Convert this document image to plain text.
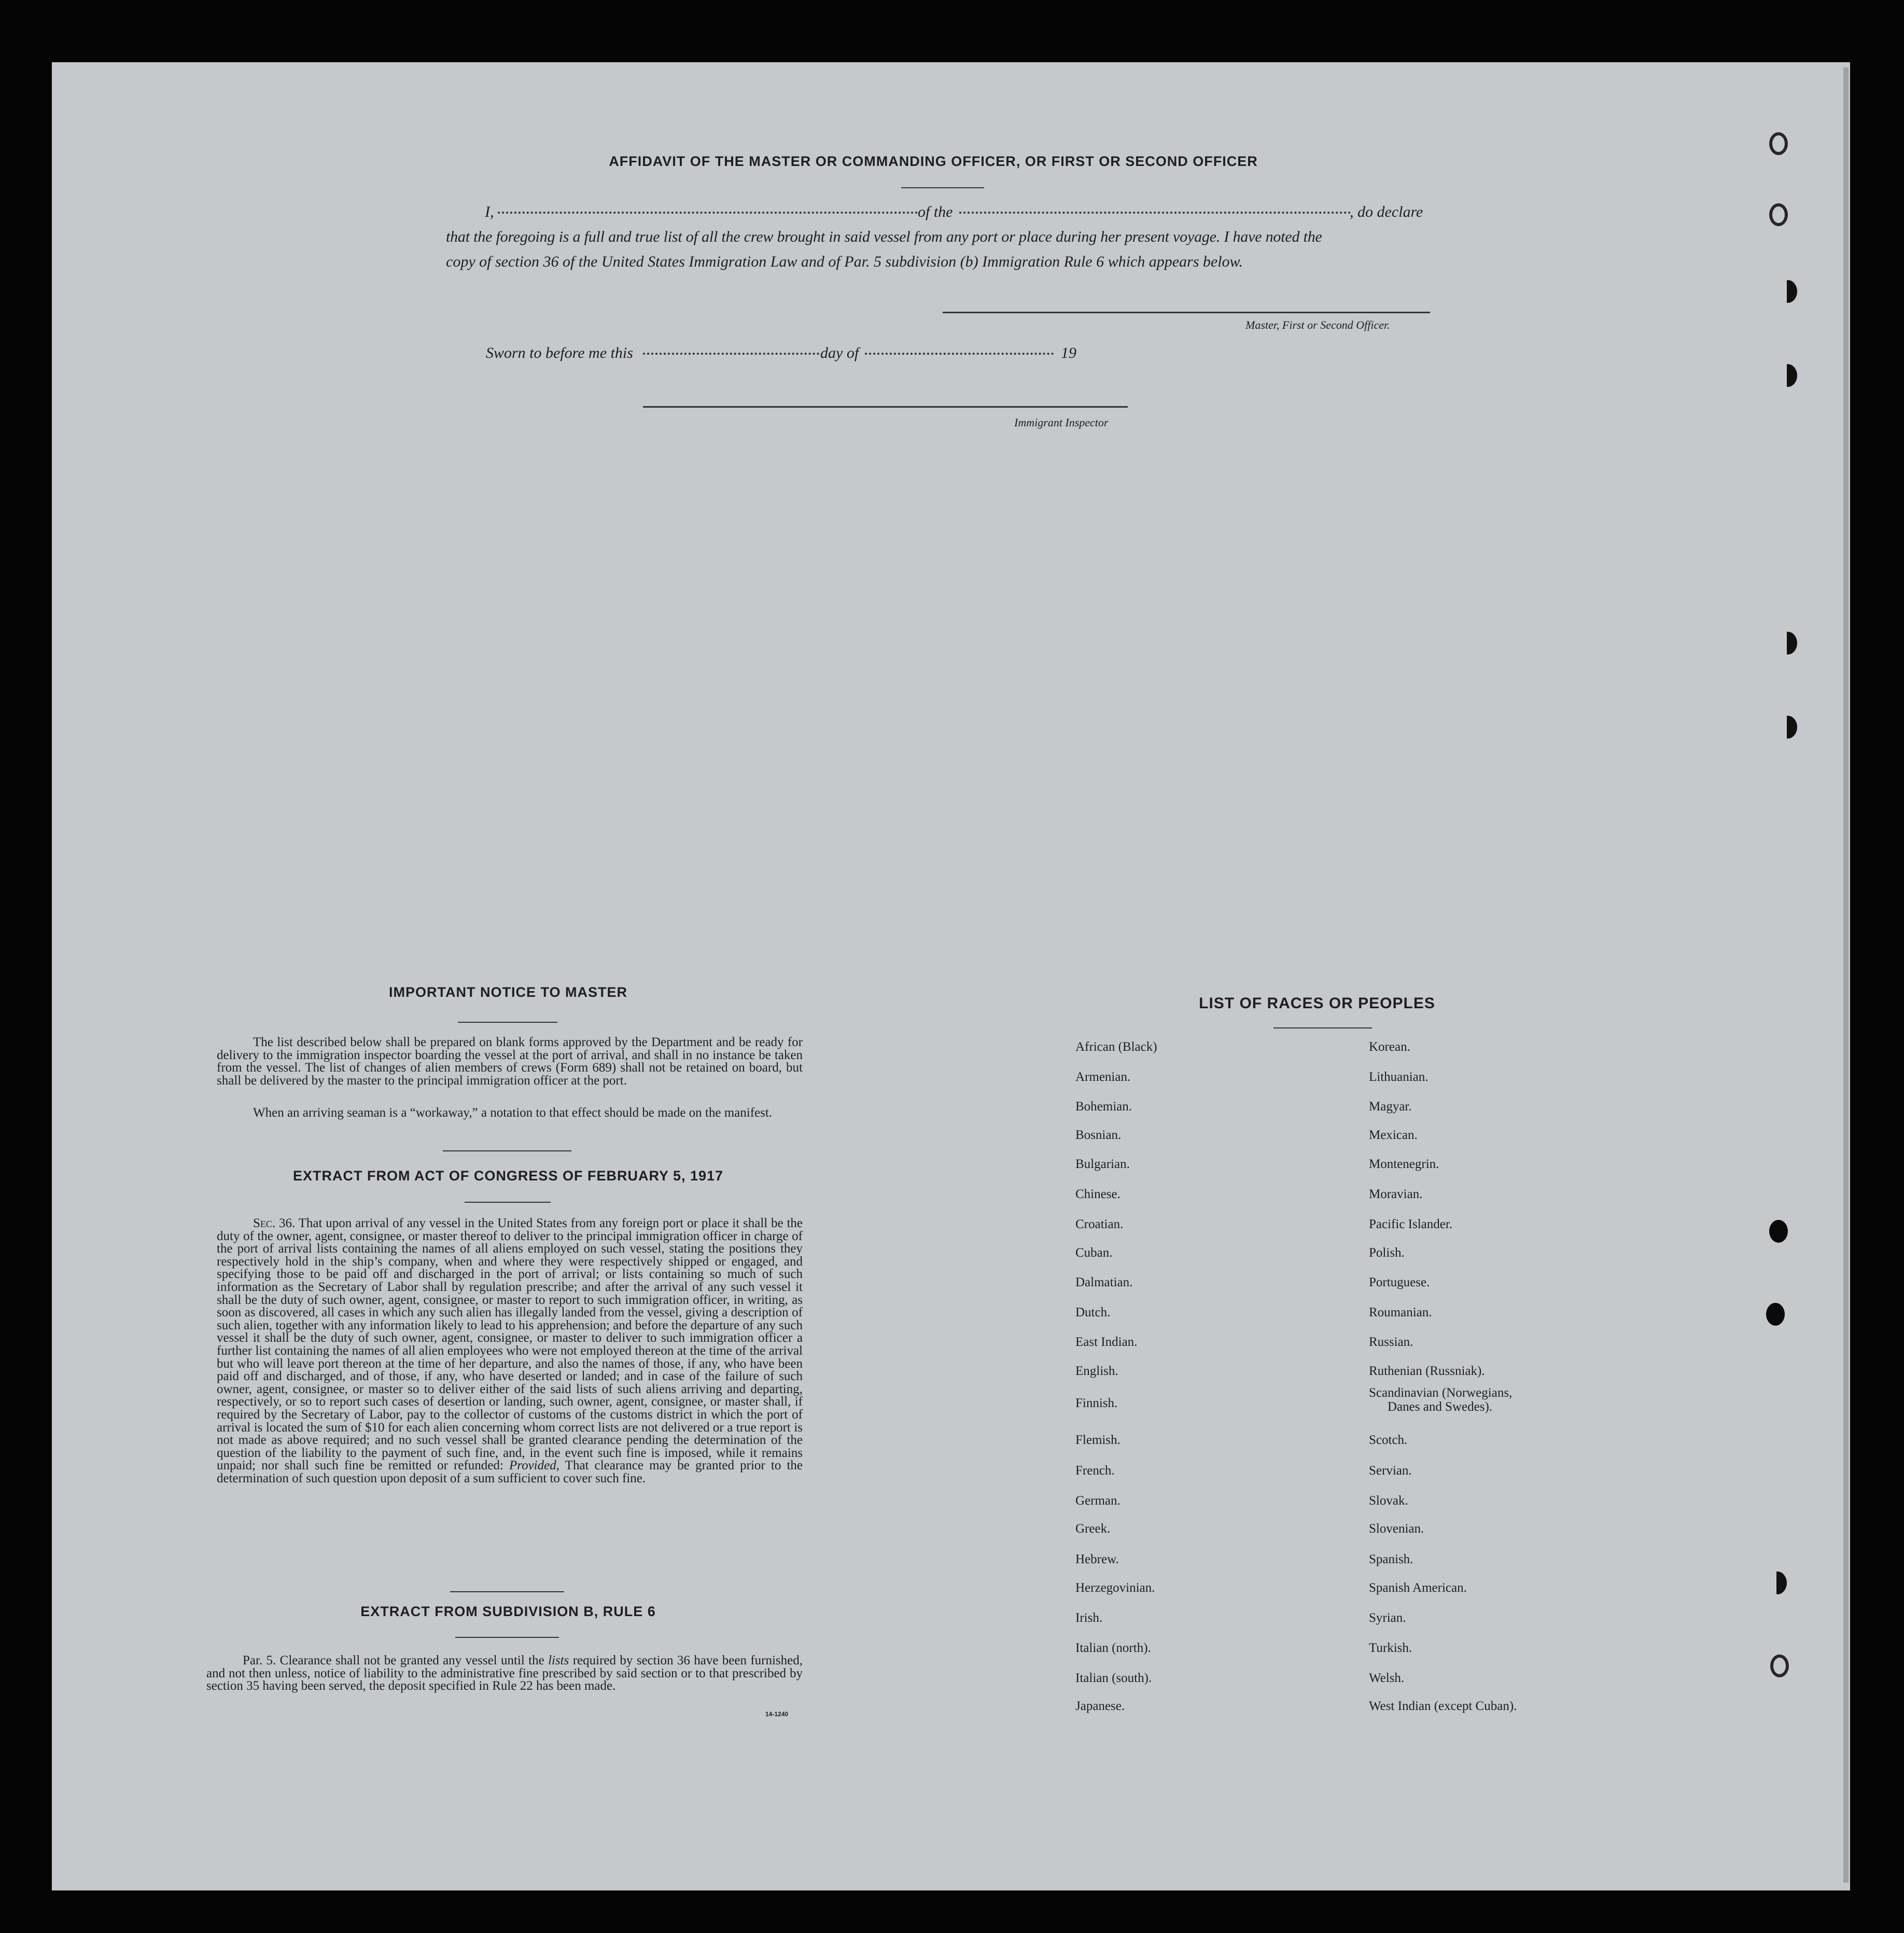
AFFIDAVIT OF THE MASTER OR COMMANDING OFFICER, OR FIRST OR SECOND OFFICER
I,	of the	, do declare
that the foregoing is a full and true list of all the crew brought in said vessel from any port or place during her present voyage. I have noted the
copy of section 36 of the United States Immigration Law and of Par. 5 subdivision (b) Immigration Rule 6 which appears below.
Master, First or Second Officer.
Sworn to before me this	day of	19
Immigrant Inspector
IMPORTANT NOTICE TO MASTER
The list described below shall be prepared on blank forms approved by the Department and be ready for delivery to the immigration inspector boarding the vessel at the port of arrival, and shall in no instance be taken from the vessel. The list of changes of alien members of crews (Form 689) shall not be retained on board, but shall be delivered by the master to the principal immigration officer at the port.
When an arriving seaman is a “workaway,” a notation to that effect should be made on the manifest.
EXTRACT FROM ACT OF CONGRESS OF FEBRUARY 5, 1917
Sec. 36. That upon arrival of any vessel in the United States from any foreign port or place it shall be the duty of the owner, agent, consignee, or master thereof to deliver to the principal immigration officer in charge of the port of arrival lists containing the names of all aliens employed on such vessel, stating the positions they respectively hold in the ship’s company, when and where they were respectively shipped or engaged, and specifying those to be paid off and discharged in the port of arrival; or lists containing so much of such information as the Secretary of Labor shall by regulation prescribe; and after the arrival of any such vessel it shall be the duty of such owner, agent, consignee, or master to report to such immigration officer, in writing, as soon as discovered, all cases in which any such alien has illegally landed from the vessel, giving a description of such alien, together with any information likely to lead to his apprehension; and before the departure of any such vessel it shall be the duty of such owner, agent, consignee, or master to deliver to such immigration officer a further list containing the names of all alien employees who were not employed thereon at the time of the arrival but who will leave port thereon at the time of her departure, and also the names of those, if any, who have been paid off and discharged, and of those, if any, who have deserted or landed; and in case of the failure of such owner, agent, consignee, or master so to deliver either of the said lists of such aliens arriving and departing, respectively, or so to report such cases of desertion or landing, such owner, agent, consignee, or master shall, if required by the Secretary of Labor, pay to the collector of customs of the customs district in which the port of arrival is located the sum of $10 for each alien concerning whom correct lists are not delivered or a true report is not made as above required; and no such vessel shall be granted clearance pending the determination of the question of the liability to the payment of such fine, and, in the event such fine is imposed, while it remains unpaid; nor shall such fine be remitted or refunded: Provided, That clearance may be granted prior to the determination of such question upon deposit of a sum sufficient to cover such fine.
EXTRACT FROM SUBDIVISION B, RULE 6
Par. 5. Clearance shall not be granted any vessel until the lists required by section 36 have been furnished, and not then unless, notice of liability to the administrative fine prescribed by said section or to that prescribed by section 35 having been served, the deposit specified in Rule 22 has been made.
14-1240
LIST OF RACES OR PEOPLES
African (Black)
Armenian.
Bohemian.
Bosnian.
Bulgarian.
Chinese.
Croatian.
Cuban.
Dalmatian.
Dutch.
East Indian.
English.
Finnish.
Flemish.
French.
German.
Greek.
Hebrew.
Herzegovinian.
Irish.
Italian (north).
Italian (south).
Japanese.
Korean.
Lithuanian.
Magyar.
Mexican.
Montenegrin.
Moravian.
Pacific Islander.
Polish.
Portuguese.
Roumanian.
Russian.
Ruthenian (Russniak).
Scandinavian (Norwegians,
Scotch.
Servian.
Slovak.
Slovenian.
Spanish.
Spanish American.
Syrian.
Turkish.
Welsh.
West Indian (except Cuban).
Danes and Swedes).
